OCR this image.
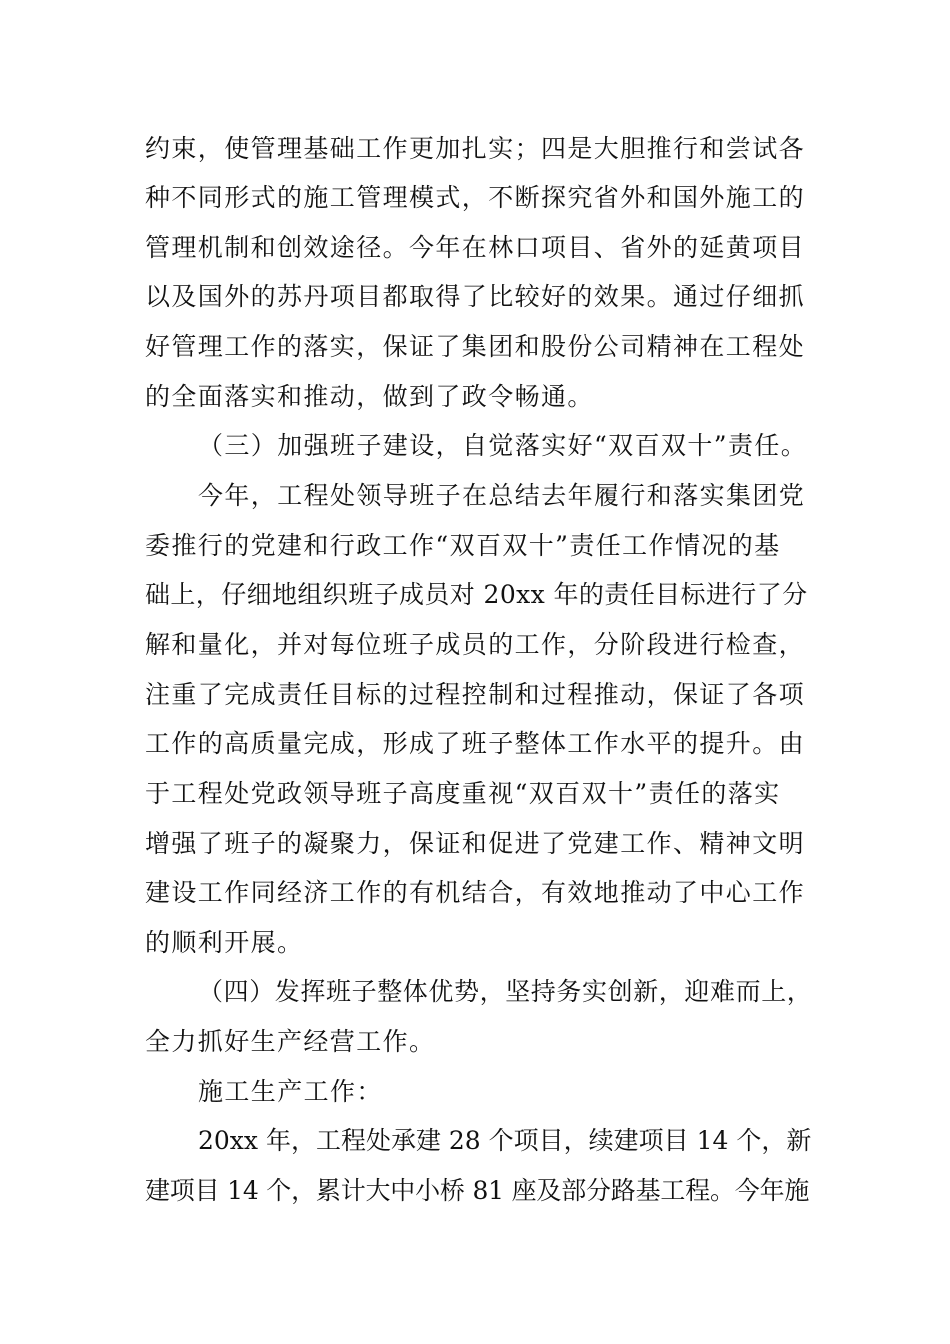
约束，使管理基础工作更加扎实；四是大胆推行和尝试各
种不同形式的施工管理模式，不断探究省外和国外施工的
管理机制和创效途径。今年在林口项目、省外的延黄项目
以及国外的苏丹项目都取得了比较好的效果。通过仔细抓
好管理工作的落实，保证了集团和股份公司精神在工程处
的全面落实和推动，做到了政令畅通。
（三）加强班子建设，自觉落实好“双百双十”责任。
今年，工程处领导班子在总结去年履行和落实集团党
委推行的党建和行政工作“双百双十”责任工作情况的基
础上，仔细地组织班子成员对 20xx 年的责任目标进行了分
解和量化，并对每位班子成员的工作，分阶段进行检查，
注重了完成责任目标的过程控制和过程推动，保证了各项
工作的高质量完成，形成了班子整体工作水平的提升。由
于工程处党政领导班子高度重视“双百双十”责任的落实
增强了班子的凝聚力，保证和促进了党建工作、精神文明
建设工作同经济工作的有机结合，有效地推动了中心工作
的顺利开展。
（四）发挥班子整体优势，坚持务实创新，迎难而上，
全力抓好生产经营工作。
施工生产工作：
20xx 年，工程处承建 28 个项目，续建项目 14 个，新
建项目 14 个，累计大中小桥 81 座及部分路基工程。今年施
